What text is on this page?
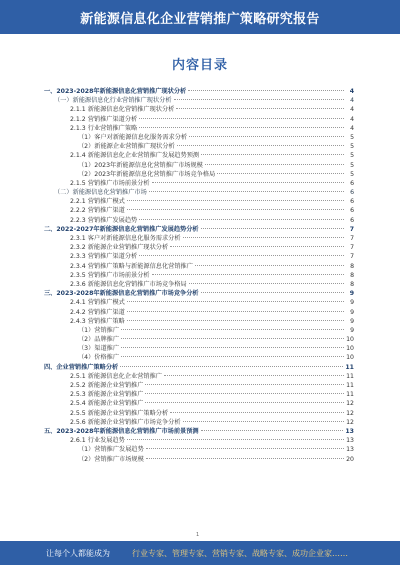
新能源信息化企业营销推广策略研究报告
内容目录
一、2023-2028年新能源信息化营销推广现状分析	4
（一）新能源信息化行业营销推广现状分析	4
2.1.1 新能源信息化营销推广现状分析	4
2.1.2 营销推广渠道分析	4
2.1.3 行业营销推广策略	4
（1）客户对新能源信息化服务需求分析	5
（2）新能源企业营销推广现状分析	5
2.1.4 新能源信息化企业营销推广发展趋势预测	5
（1）2023年新能源信息化营销推广市场规模	5
（2）2023年新能源信息化营销推广市场竞争格局	5
2.1.5 营销推广市场前景分析	6
（二）新能源信息化营销推广市场	6
2.2.1 营销推广模式	6
2.2.2 营销推广渠道	6
2.2.3 营销推广发展趋势	6
二、2022-2027年新能源信息化营销推广发展趋势分析	7
2.3.1 客户对新能源信息化服务需求分析	7
2.3.2 新能源企业营销推广现状分析	7
2.3.3 营销推广渠道分析	7
2.3.4 营销推广策略与新能源信息化营销推广	8
2.3.5 营销推广市场前景分析	8
2.3.6 新能源信息化营销推广市场竞争格局	8
三、2023-2028年新能源信息化营销推广市场竞争分析	9
2.4.1 营销推广模式	9
2.4.2 营销推广渠道	9
2.4.3 营销推广策略	9
（1）营销推广	9
（2）品牌推广	10
（3）渠道推广	10
（4）价格推广	10
四、企业营销推广策略分析	11
2.5.1 新能源信息化企业营销推广	11
2.5.2 新能源企业营销推广	11
2.5.3 新能源企业营销推广	11
2.5.4 新能源企业营销推广	12
2.5.5 新能源企业营销推广策略分析	12
2.5.6 新能源企业营销推广市场竞争分析	12
五、2023-2028年新能源信息化营销推广市场前景预测	13
2.6.1 行业发展趋势	13
（1）营销推广发展趋势	13
（2）营销推广市场规模	20
1
让每个人都能成为	行业专家、管理专家、营销专家、战略专家、成功企业家……
